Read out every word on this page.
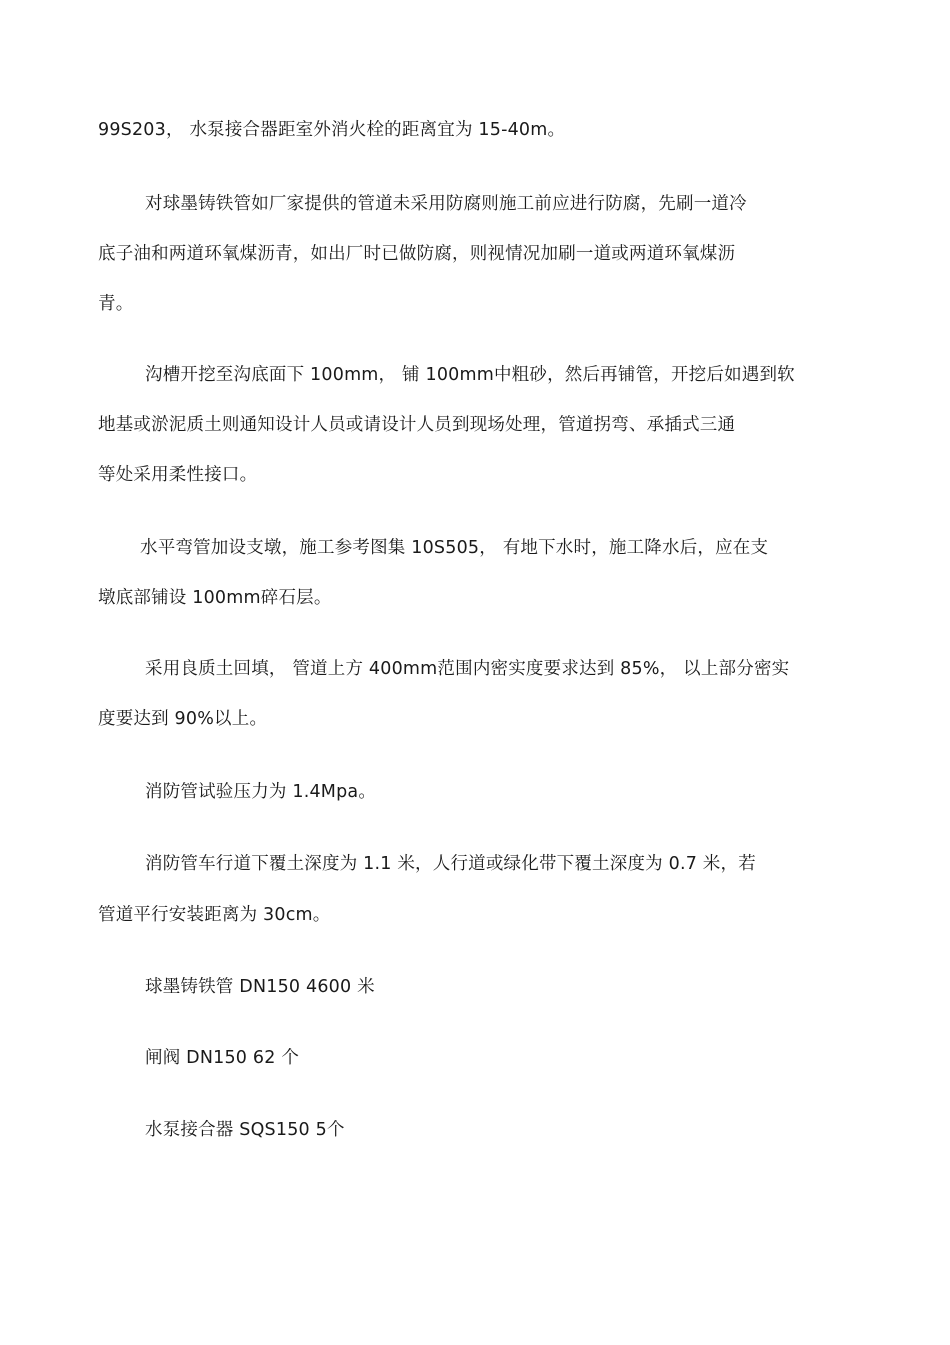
99S203， 水泵接合器距室外消火栓的距离宜为 15-40m。
对球墨铸铁管如厂家提供的管道未采用防腐则施工前应进行防腐，先刷一道冷
底子油和两道环氧煤沥青，如出厂时已做防腐，则视情况加刷一道或两道环氧煤沥
青。
沟槽开挖至沟底面下 100mm， 铺 100mm中粗砂，然后再铺管，开挖后如遇到软
地基或淤泥质土则通知设计人员或请设计人员到现场处理，管道拐弯、承插式三通
等处采用柔性接口。
水平弯管加设支墩，施工参考图集 10S505， 有地下水时，施工降水后，应在支
墩底部铺设 100mm碎石层。
采用良质土回填， 管道上方 400mm范围内密实度要求达到 85%， 以上部分密实
度要达到 90%以上。
消防管试验压力为 1.4Mpa。
消防管车行道下覆土深度为 1.1 米，人行道或绿化带下覆土深度为 0.7 米，若
管道平行安装距离为 30cm。
球墨铸铁管 DN150 4600 米
闸阀 DN150 62 个
水泵接合器 SQS150 5个
